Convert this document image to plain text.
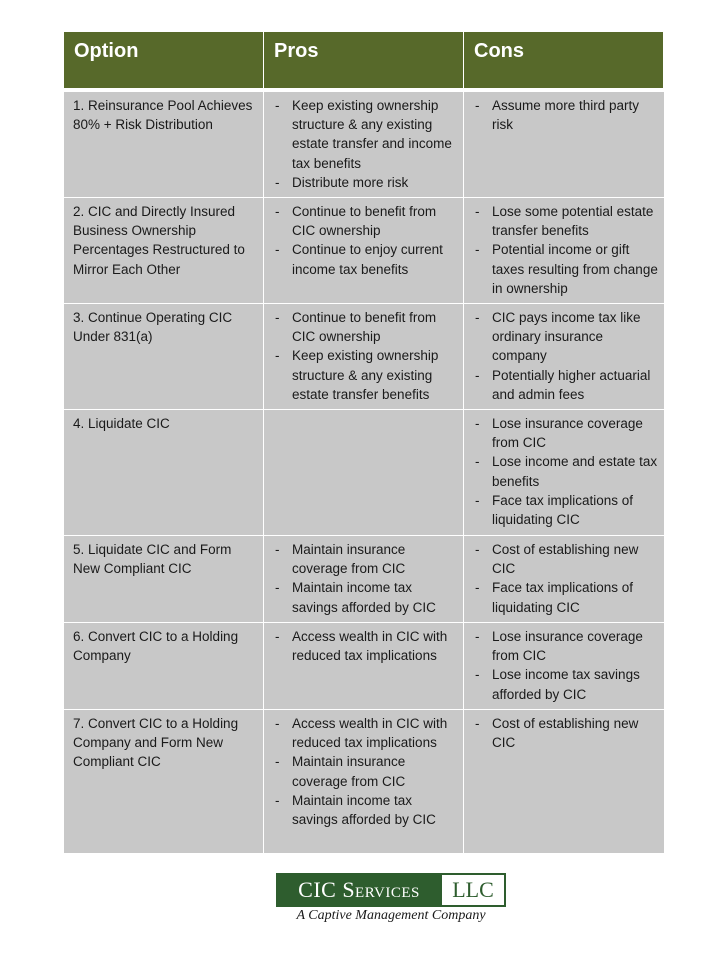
Option	Pros	Cons
1. Reinsurance Pool Achieves 80% + Risk Distribution
- Keep existing ownership structure & any existing estate transfer and income tax benefits
- Distribute more risk
- Assume more third party risk
2. CIC and Directly Insured Business Ownership Percentages Restructured to Mirror Each Other
- Continue to benefit from CIC ownership
- Continue to enjoy current income tax benefits
- Lose some potential estate transfer benefits
- Potential income or gift taxes resulting from change in ownership
3. Continue Operating CIC Under 831(a)
- Continue to benefit from CIC ownership
- Keep existing ownership structure & any existing estate transfer benefits
- CIC pays income tax like ordinary insurance company
- Potentially higher actuarial and admin fees
4. Liquidate CIC
-	Lose insurance coverage from CIC
- Lose income and estate tax benefits
- Face tax implications of liquidating CIC
5. Liquidate CIC and Form New Compliant CIC
- Maintain insurance coverage from CIC
- Maintain income tax savings afforded by CIC
- Cost of establishing new CIC
- Face tax implications of liquidating CIC
6. Convert CIC to a Holding Company
- Access wealth in CIC with reduced tax implications
- Lose insurance coverage from CIC
- Lose income tax savings afforded by CIC
7. Convert CIC to a Holding Company and Form New Compliant CIC
- Access wealth in CIC with reduced tax implications
- Maintain insurance coverage from CIC
- Maintain income tax savings afforded by CIC
- Cost of establishing new CIC
CIC Services	LLC
A Captive Management Company
